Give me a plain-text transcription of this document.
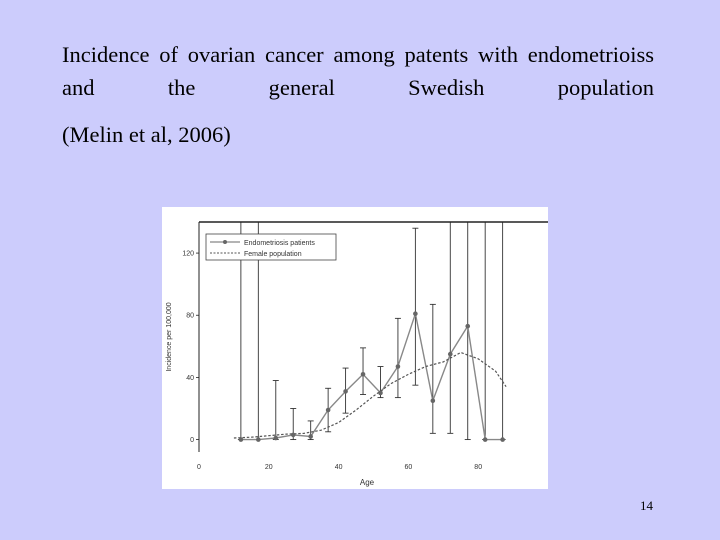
Incidence of ovarian cancer among patents with endometrioiss and the general Swedish population
(Melin et al, 2006)
0
40
80
120
0	20	40	60	80
Age
Incidence per 100,000
Endometriosis patients
Female population
14
